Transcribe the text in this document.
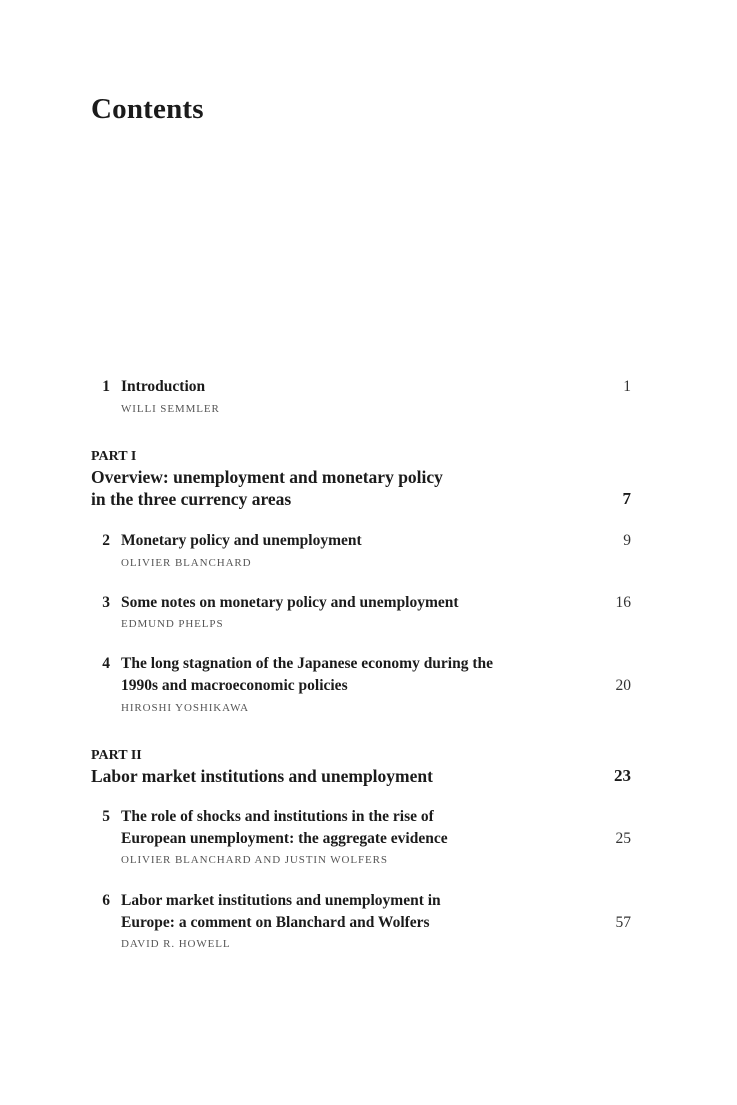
Contents
1 Introduction	1
WILLI SEMMLER
PART I
Overview: unemployment and monetary policy
in the three currency areas	7
2 Monetary policy and unemployment	9
OLIVIER BLANCHARD
3 Some notes on monetary policy and unemployment	16
EDMUND PHELPS
4 The long stagnation of the Japanese economy during the
1990s and macroeconomic policies	20
HIROSHI YOSHIKAWA
PART II
Labor market institutions and unemployment	23
5 The role of shocks and institutions in the rise of
European unemployment: the aggregate evidence	25
OLIVIER BLANCHARD AND JUSTIN WOLFERS
6 Labor market institutions and unemployment in
Europe: a comment on Blanchard and Wolfers	57
DAVID R. HOWELL
